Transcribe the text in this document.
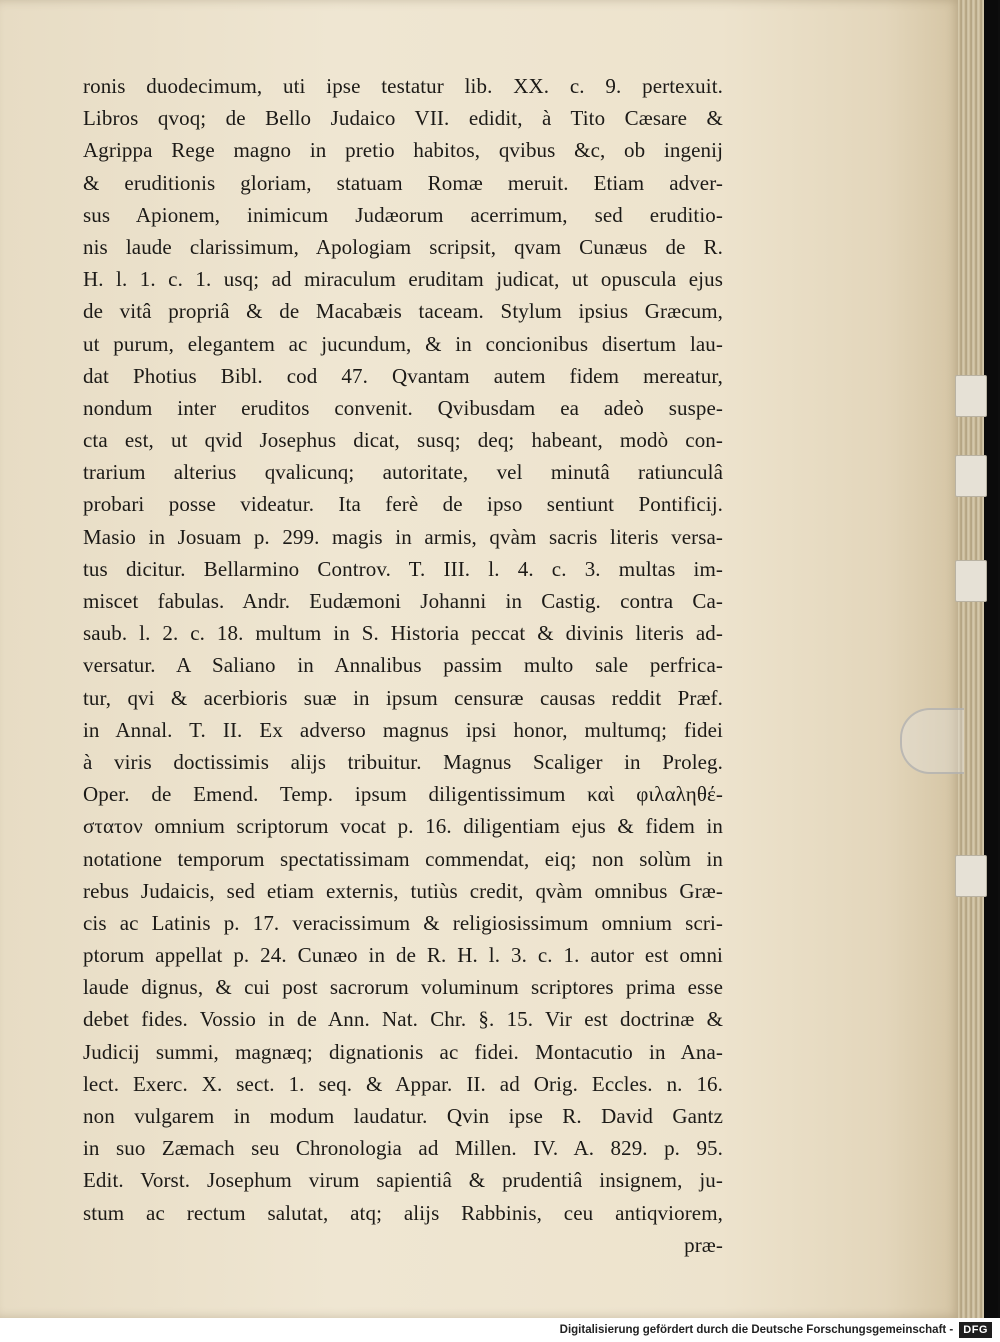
ronis duodecimum, uti ipse testatur lib. XX. c. 9. pertexuit.
Libros qvoq; de Bello Judaico VII. edidit, à Tito Cæsare &
Agrippa Rege magno in pretio habitos, qvibus &c, ob ingenij
& eruditionis gloriam, statuam Romæ meruit. Etiam adver-
sus Apionem, inimicum Judæorum acerrimum, sed eruditio-
nis laude clarissimum, Apologiam scripsit, qvam Cunæus de R.
H. l. 1. c. 1. usq; ad miraculum eruditam judicat, ut opuscula ejus
de vitâ propriâ & de Macabæis taceam. Stylum ipsius Græcum,
ut purum, elegantem ac jucundum, & in concionibus disertum lau-
dat Photius Bibl. cod 47. Qvantam autem fidem mereatur,
nondum inter eruditos convenit. Qvibusdam ea adeò suspe-
cta est, ut qvid Josephus dicat, susq; deq; habeant, modò con-
trarium alterius qvalicunq; autoritate, vel minutâ ratiunculâ
probari posse videatur. Ita ferè de ipso sentiunt Pontificij.
Masio in Josuam p. 299. magis in armis, qvàm sacris literis versa-
tus dicitur. Bellarmino Controv. T. III. l. 4. c. 3. multas im-
miscet fabulas. Andr. Eudæmoni Johanni in Castig. contra Ca-
saub. l. 2. c. 18. multum in S. Historia peccat & divinis literis ad-
versatur. A Saliano in Annalibus passim multo sale perfrica-
tur, qvi & acerbioris suæ in ipsum censuræ causas reddit Præf.
in Annal. T. II. Ex adverso magnus ipsi honor, multumq; fidei
à viris doctissimis alijs tribuitur. Magnus Scaliger in Proleg.
Oper. de Emend. Temp. ipsum diligentissimum καὶ φιλαληθέ-
στατον omnium scriptorum vocat p. 16. diligentiam ejus & fidem in
notatione temporum spectatissimam commendat, eiq; non solùm in
rebus Judaicis, sed etiam externis, tutiùs credit, qvàm omnibus Græ-
cis ac Latinis p. 17. veracissimum & religiosissimum omnium scri-
ptorum appellat p. 24. Cunæo in de R. H. l. 3. c. 1. autor est omni
laude dignus, & cui post sacrorum voluminum scriptores prima esse
debet fides. Vossio in de Ann. Nat. Chr. §. 15. Vir est doctrinæ &
Judicij summi, magnæq; dignationis ac fidei. Montacutio in Ana-
lect. Exerc. X. sect. 1. seq. & Appar. II. ad Orig. Eccles. n. 16.
non vulgarem in modum laudatur. Qvin ipse R. David Gantz
in suo Zæmach seu Chronologia ad Millen. IV. A. 829. p. 95.
Edit. Vorst. Josephum virum sapientiâ & prudentiâ insignem, ju-
stum ac rectum salutat, atq; alijs Rabbinis, ceu antiqviorem,
præ-
Digitalisierung gefördert durch die Deutsche Forschungsgemeinschaft - DFG
